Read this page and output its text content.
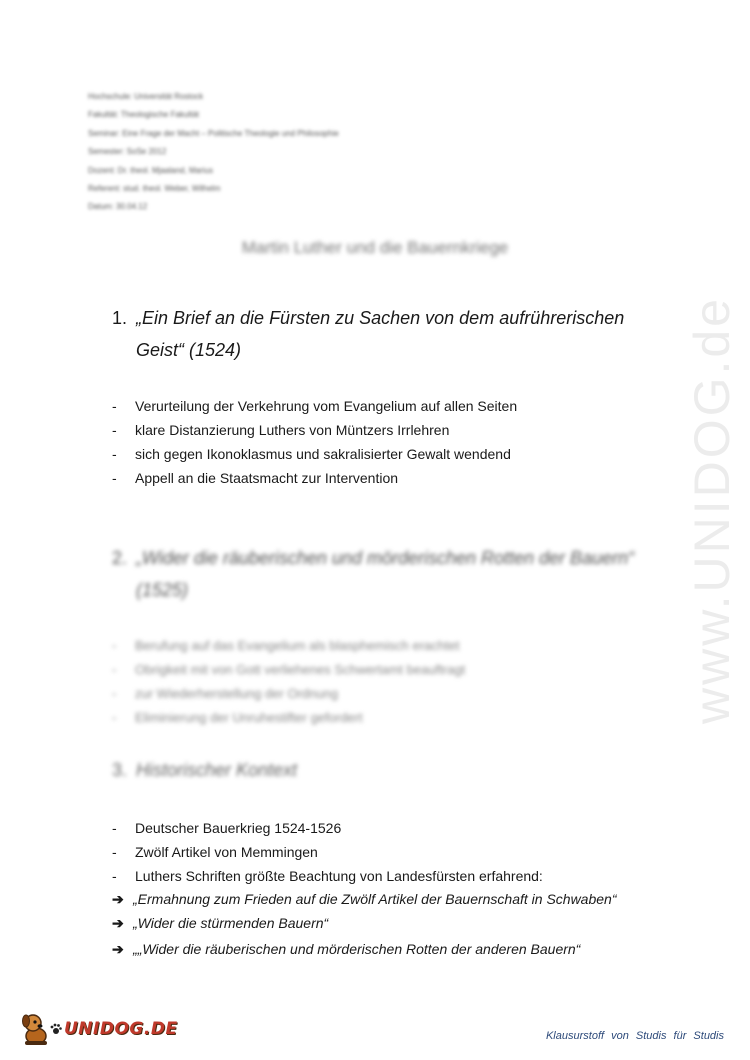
www.UNIDOG.de
Hochschule: Universität Rostock
Fakultät: Theologische Fakultät
Seminar: Eine Frage der Macht – Politische Theologie und Philosophie
Semester: SoSe 2012
Dozent: Dr. theol. Mjaaland, Marius
Referent: stud. theol. Weber, Wilhelm
Datum: 30.04.12
Martin Luther und die Bauernkriege
1. „Ein Brief an die Fürsten zu Sachen von dem aufrührerischen
Geist“ (1524)
- Verurteilung der Verkehrung vom Evangelium auf allen Seiten
- klare Distanzierung Luthers von Müntzers Irrlehren
- sich gegen Ikonoklasmus und sakralisierter Gewalt wendend
- Appell an die Staatsmacht zur Intervention
2. „Wider die räuberischen und mörderischen Rotten der Bauern“
(1525)
- Berufung auf das Evangelium als blasphemisch erachtet
- Obrigkeit mit von Gott verliehenes Schwertamt beauftragt
- zur Wiederherstellung der Ordnung
- Eliminierung der Unruhestifter gefordert
3. Historischer Kontext
- Deutscher Bauerkrieg 1524-1526
- Zwölf Artikel von Memmingen
- Luthers Schriften größte Beachtung von Landesfürsten erfahrend:
➔ „Ermahnung zum Frieden auf die Zwölf Artikel der Bauernschaft in Schwaben“
➔ „Wider die stürmenden Bauern“
➔ „„Wider die räuberischen und mörderischen Rotten der anderen Bauern“
UNIDOG.DE	Klausurstoff von Studis für Studis
